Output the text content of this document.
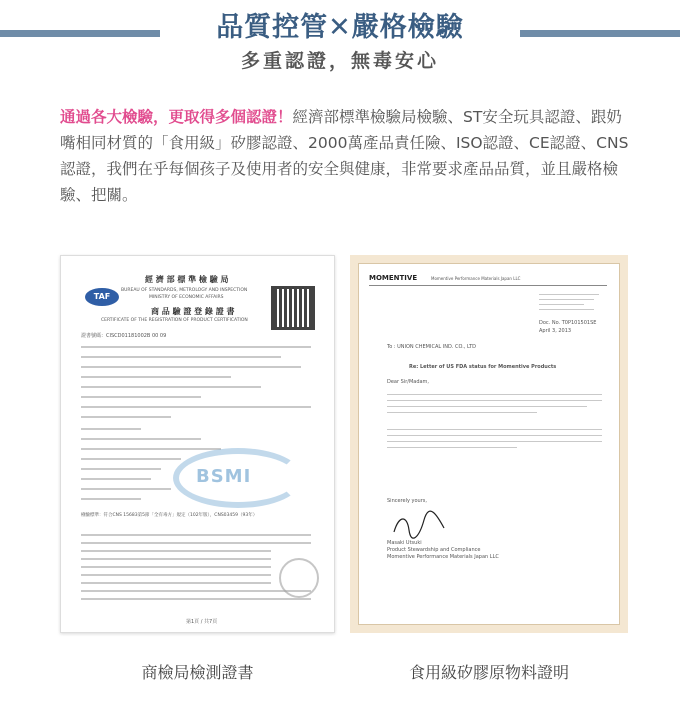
品質控管✕嚴格檢驗
多重認證，無毒安心
通過各大檢驗，更取得多個認證！經濟部標準檢驗局檢驗、ST安全玩具認證、跟奶嘴相同材質的「食用級」矽膠認證、2000萬產品責任險、ISO認證、CE認證、CNS認證，我們在乎每個孩子及使用者的安全與健康，非常要求產品品質，並且嚴格檢驗、把關。
TAF
經 濟 部 標 準 檢 驗 局
BUREAU OF STANDARDS, METROLOGY AND INSPECTION
MINISTRY OF ECONOMIC AFFAIRS
商 品 驗 證 登 錄 證 書
CERTIFICATE OF THE REGISTRATION OF PRODUCT CERTIFICATION
證書號碼：CISCD01181002B 00 09
BSMI
檢驗標準：符合CNS 15683第5節「全有毒方」規定（102年版），CNS03459（93年）
第1頁 / 共7頁
MOMENTIVE	Momentive Performance Materials Japan LLC
Doc. No. T0P101501SE
April 3, 2013
To : UNION CHEMICAL IND. CO., LTD
Re: Letter of US FDA status for Momentive Products
Dear Sir/Madam,
Sincerely yours,
Masaki Utsuki
Product Stewardship and Compliance
Momentive Performance Materials Japan LLC
商檢局檢測證書	食用級矽膠原物料證明
